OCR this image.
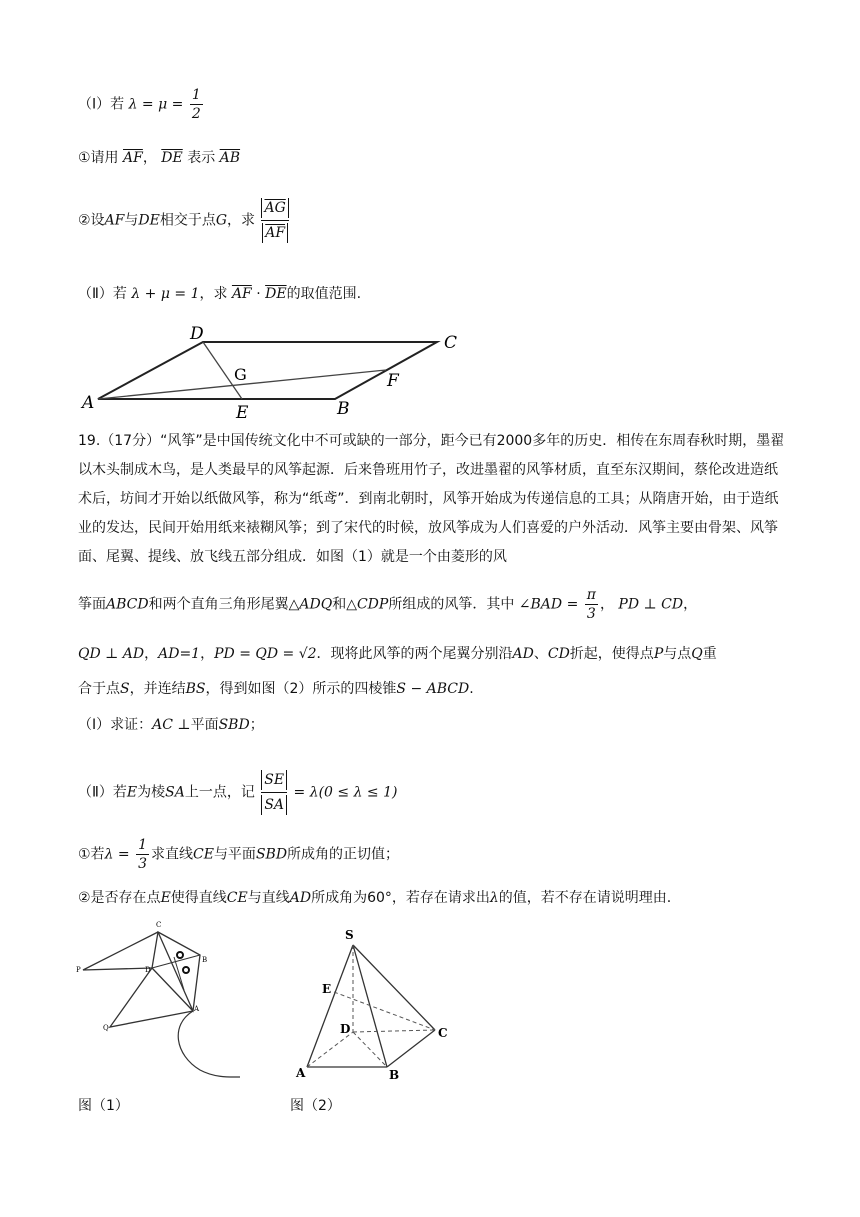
（Ⅰ）若 $\lambda = \mu = \frac{1}{2}$
①请用 $\overline{AF}$， $\overline{DE}$ 表示 $\overline{AB}$
②设AF与DE相交于点G，求 $\frac{\overline{AG}}{AF}$
（Ⅱ）若 λ + μ = 1，求 $\overline{AF} \cdot \overline{DE}$的取值范围.
A
D	C
E	B
F
G
19.（17分）“风筝”是中国传统文化中不可或缺的一部分，距今已有2000多年的历史．相传在东周春秋时期，墨翟以木头制成木鸟，是人类最早的风筝起源．后来鲁班用竹子，改进墨翟的风筝材质，直至东汉期间，蔡伦改进造纸术后，坊间才开始以纸做风筝，称为“纸鸢”．到南北朝时，风筝开始成为传递信息的工具；从隋唐开始，由于造纸业的发达，民间开始用纸来裱糊风筝；到了宋代的时候，放风筝成为人们喜爱的户外活动．风筝主要由骨架、风筝面、尾翼、提线、放飞线五部分组成．如图（1）就是一个由菱形的风
筝面ABCD和两个直角三角形尾翼△ADQ和△CDP所组成的风筝．其中 ∠BAD = $\frac{\pi}{3}$ ， PD ⊥ CD，
QD ⊥ AD，AD=1，PD = QD = √2．现将此风筝的两个尾翼分别沿AD、CD折起，使得点P与点Q重
合于点S，并连结BS，得到如图（2）所示的四棱锥S − ABCD.
（Ⅰ）求证：AC ⊥平面SBD；
（Ⅱ）若E为棱SA上一点，记 $\frac{SE}{SA} = \lambda(0 \le \lambda \le 1)$
①若$\lambda = \frac{1}{3}$ 求直线CE与平面SBD所成角的正切值；
②是否存在点E使得直线CE与直线AD所成角为60°，若存在请求出λ的值，若不存在请说明理由.
C
B
P	D
A
Q
S
E
D	C
A	B
图（1）	图（2）
